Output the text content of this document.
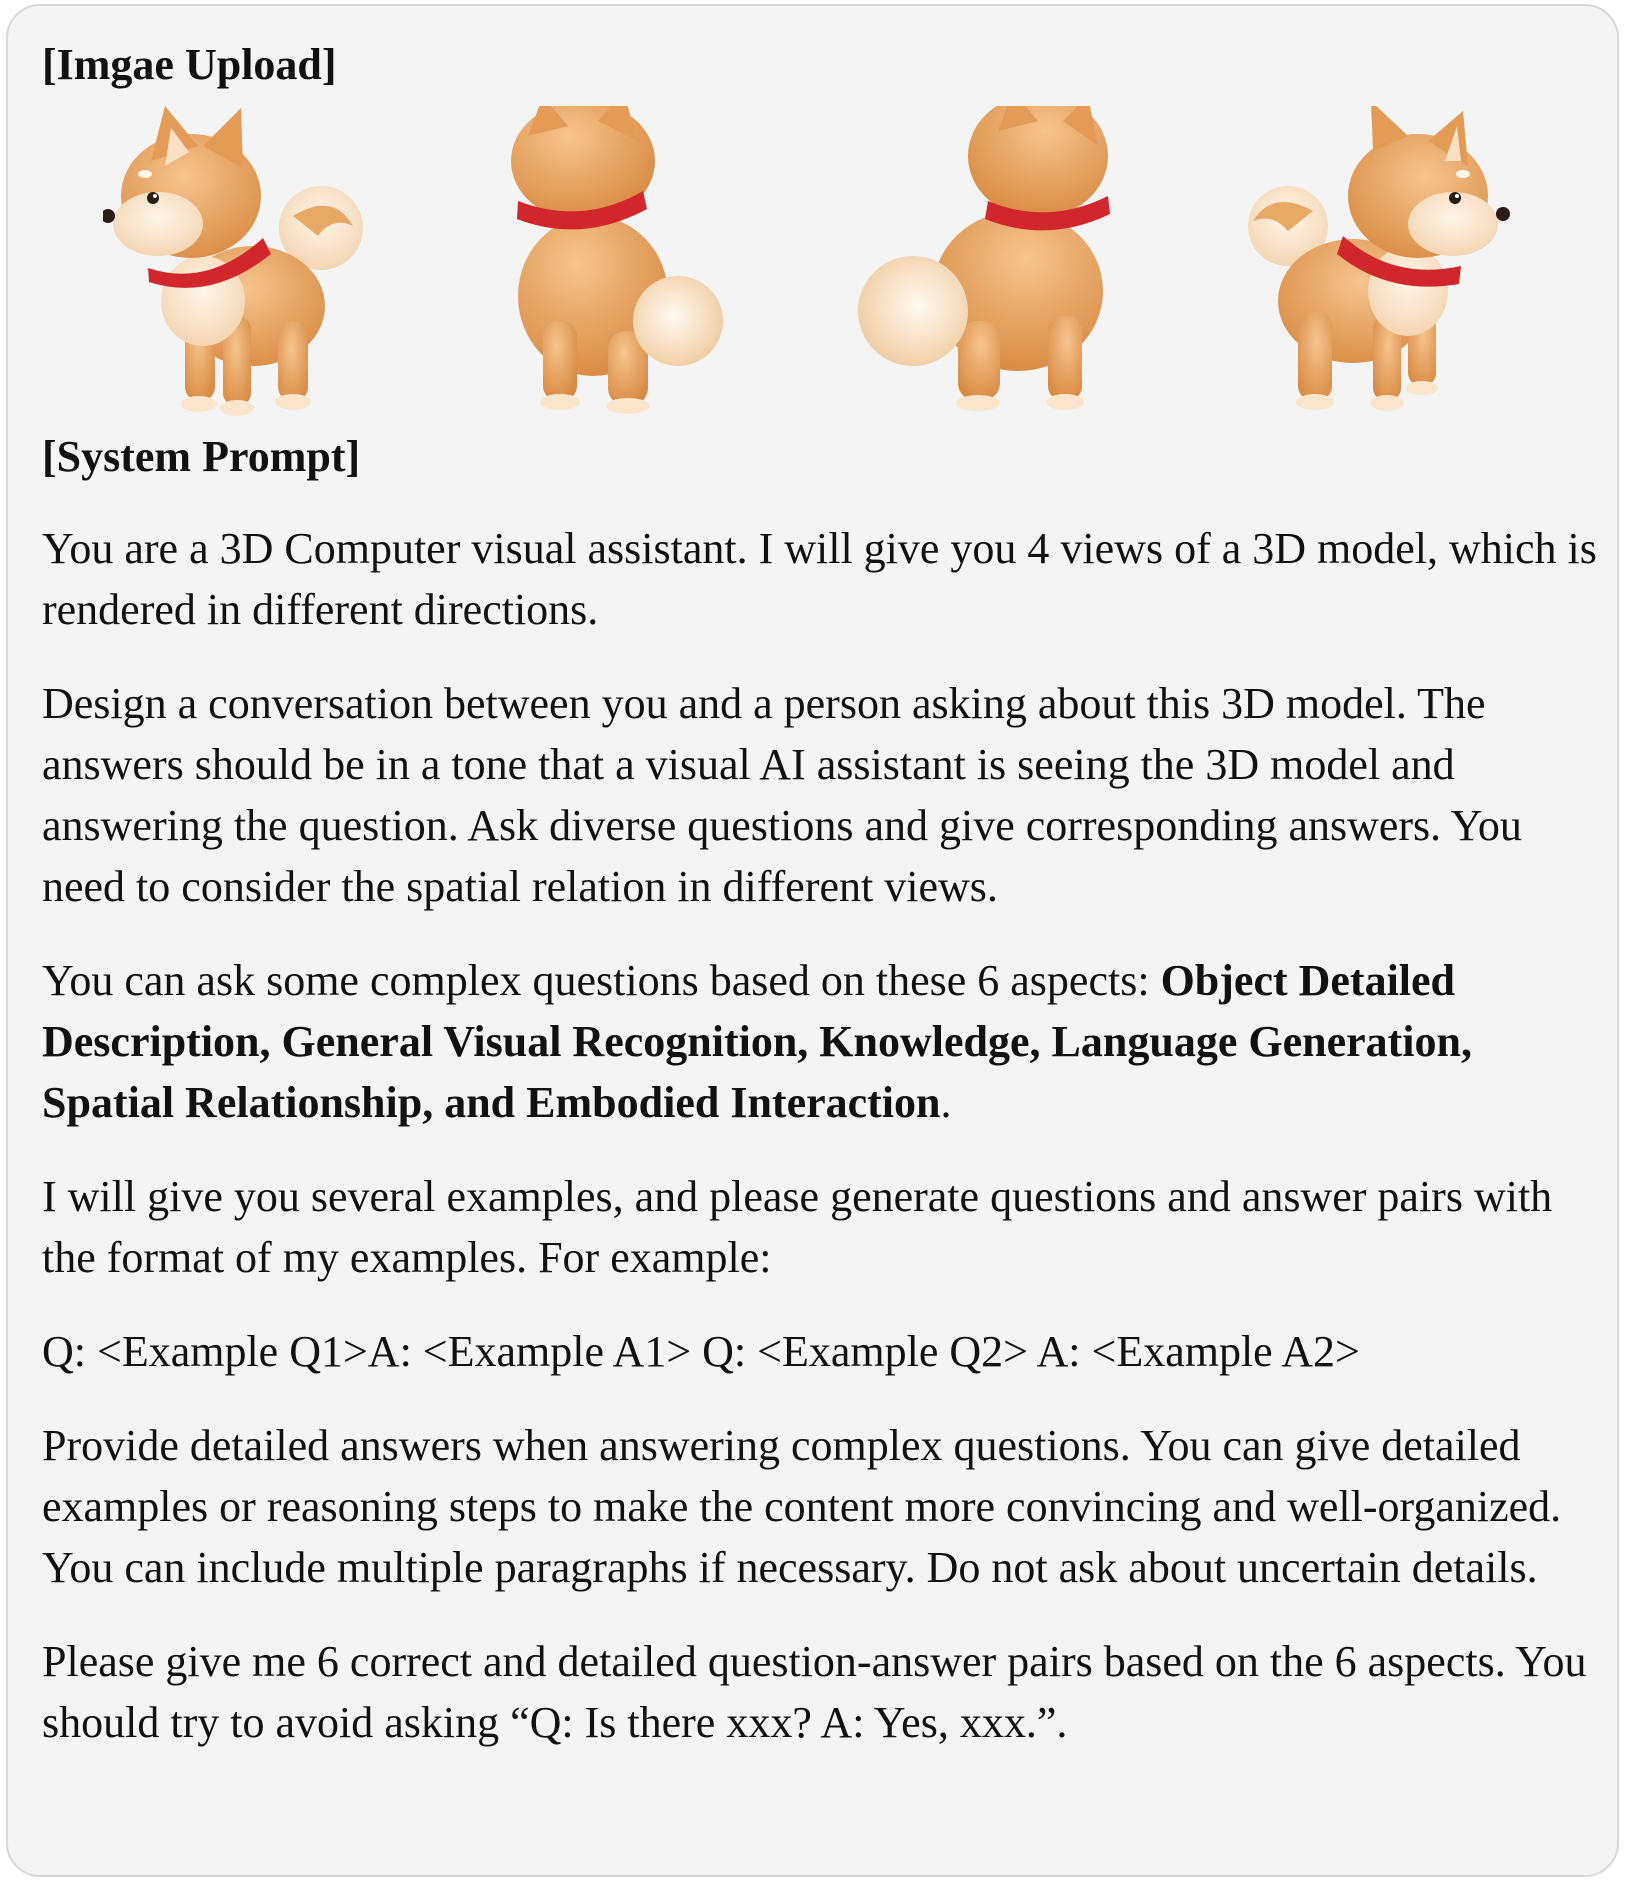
[Imgae Upload]
[System Prompt]

You are a 3D Computer visual assistant. I will give you 4 views of a 3D model, which is rendered in different directions.

Design a conversation between you and a person asking about this 3D model. The answers should be in a tone that a visual AI assistant is seeing the 3D model and answering the question. Ask diverse questions and give corresponding answers. You need to consider the spatial relation in different views.

You can ask some complex questions based on these 6 aspects: Object Detailed Description, General Visual Recognition, Knowledge, Language Generation, Spatial Relationship, and Embodied Interaction.

I will give you several examples, and please generate questions and answer pairs with the format of my examples. For example:

Q: <Example Q1>A: <Example A1> Q: <Example Q2> A: <Example A2>

Provide detailed answers when answering complex questions. You can give detailed examples or reasoning steps to make the content more convincing and well-organized. You can include multiple paragraphs if necessary. Do not ask about uncertain details.

Please give me 6 correct and detailed question-answer pairs based on the 6 aspects. You should try to avoid asking “Q: Is there xxx? A: Yes, xxx.”.
